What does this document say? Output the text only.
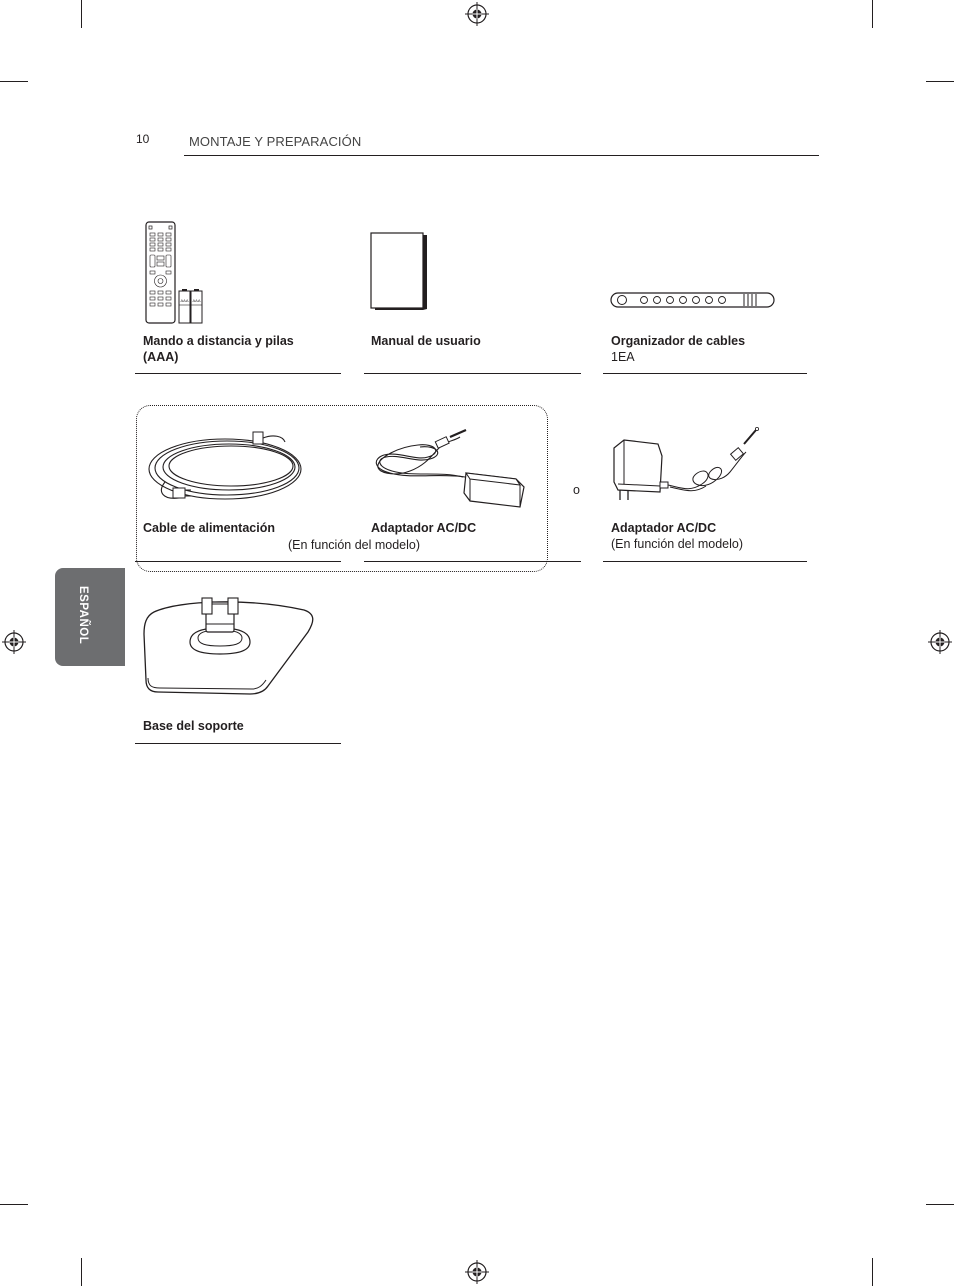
10	MONTAJE Y PREPARACIÓN
ESPAÑOL
AAA AAA
Mando a distancia y pilas
(AAA)
Manual de usuario	Organizador de cables
1EA
Cable de alimentación	Adaptador AC/DC
(En función del modelo)
o
Adaptador AC/DC
(En función del modelo)
Base del soporte
